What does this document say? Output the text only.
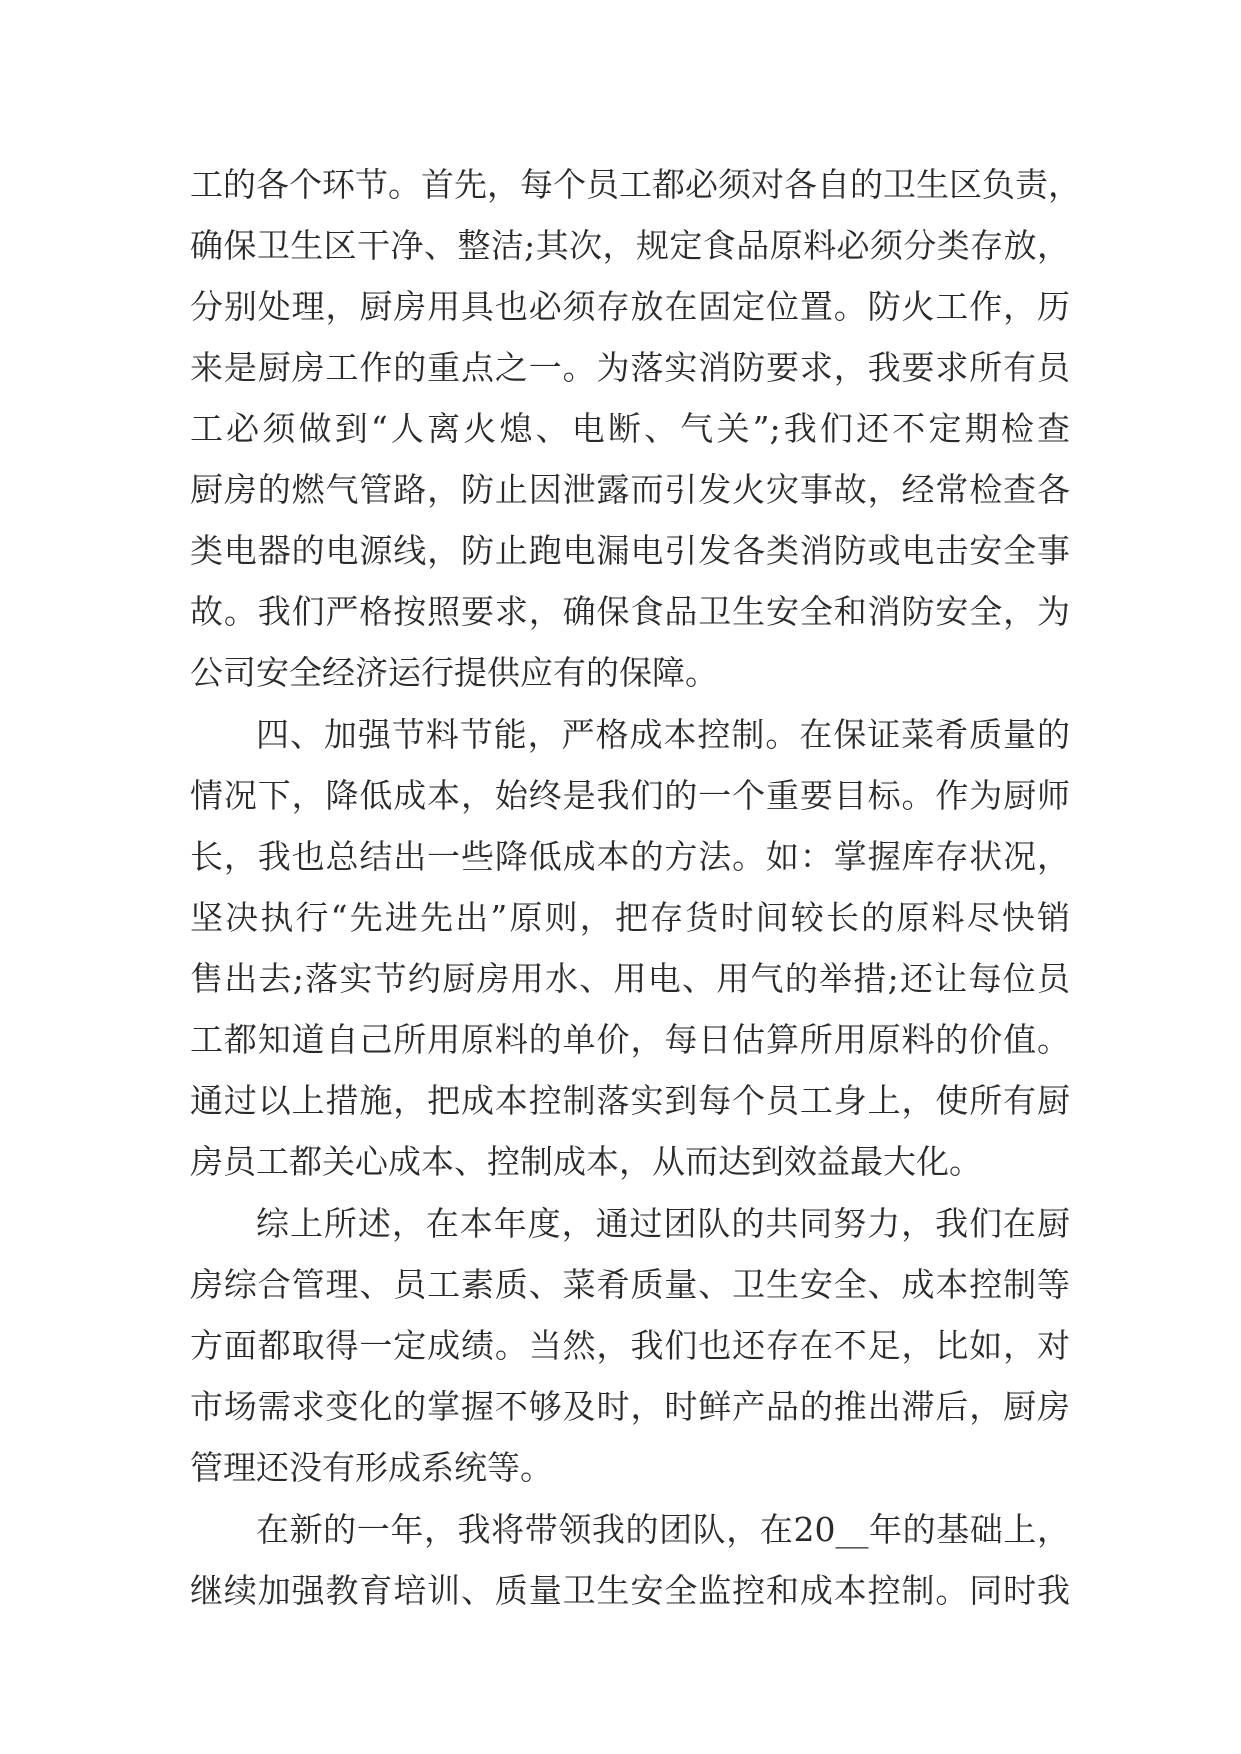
工的各个环节。首先，每个员工都必须对各自的卫生区负责，
确保卫生区干净、整洁;其次，规定食品原料必须分类存放，
分别处理，厨房用具也必须存放在固定位置。防火工作，历
来是厨房工作的重点之一。为落实消防要求，我要求所有员
工必须做到“人离火熄、电断、气关”;我们还不定期检查
厨房的燃气管路，防止因泄露而引发火灾事故，经常检查各
类电器的电源线，防止跑电漏电引发各类消防或电击安全事
故。我们严格按照要求，确保食品卫生安全和消防安全，为
公司安全经济运行提供应有的保障。
四、加强节料节能，严格成本控制。在保证菜肴质量的
情况下，降低成本，始终是我们的一个重要目标。作为厨师
长，我也总结出一些降低成本的方法。如：掌握库存状况，
坚决执行“先进先出”原则，把存货时间较长的原料尽快销
售出去;落实节约厨房用水、用电、用气的举措;还让每位员
工都知道自己所用原料的单价，每日估算所用原料的价值。
通过以上措施，把成本控制落实到每个员工身上，使所有厨
房员工都关心成本、控制成本，从而达到效益最大化。
综上所述，在本年度，通过团队的共同努力，我们在厨
房综合管理、员工素质、菜肴质量、卫生安全、成本控制等
方面都取得一定成绩。当然，我们也还存在不足，比如，对
市场需求变化的掌握不够及时，时鲜产品的推出滞后，厨房
管理还没有形成系统等。
在新的一年，我将带领我的团队，在20__年的基础上，
继续加强教育培训、质量卫生安全监控和成本控制。同时我
